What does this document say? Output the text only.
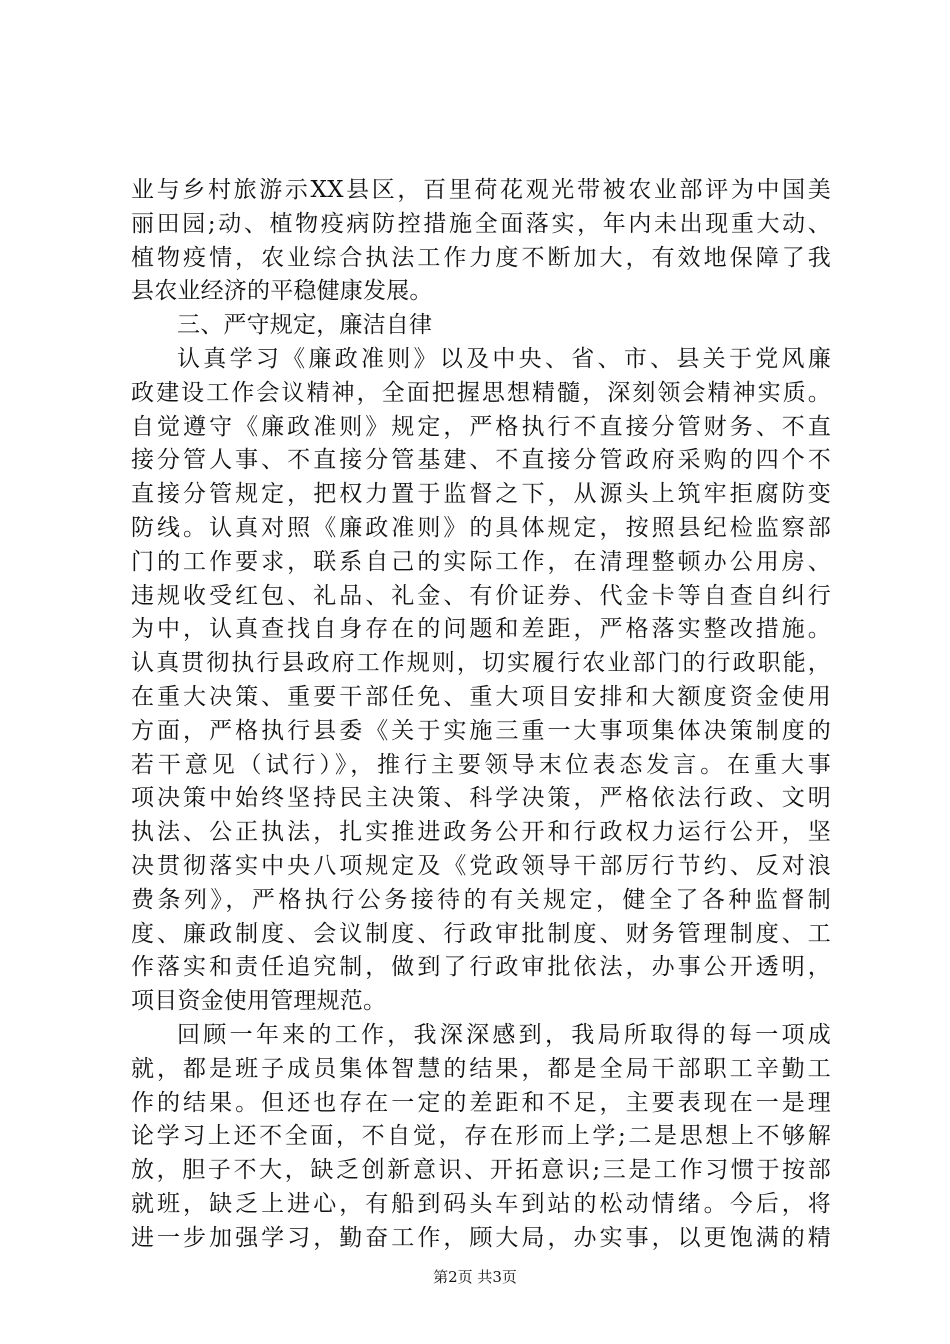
业与乡村旅游示XX县区，百里荷花观光带被农业部评为中国美
丽田园;动、植物疫病防控措施全面落实，年内未出现重大动、
植物疫情，农业综合执法工作力度不断加大，有效地保障了我
县农业经济的平稳健康发展。
三、严守规定，廉洁自律
认真学习《廉政准则》以及中央、省、市、县关于党风廉
政建设工作会议精神，全面把握思想精髓，深刻领会精神实质。
自觉遵守《廉政准则》规定，严格执行不直接分管财务、不直
接分管人事、不直接分管基建、不直接分管政府采购的四个不
直接分管规定，把权力置于监督之下，从源头上筑牢拒腐防变
防线。认真对照《廉政准则》的具体规定，按照县纪检监察部
门的工作要求，联系自己的实际工作，在清理整顿办公用房、
违规收受红包、礼品、礼金、有价证券、代金卡等自查自纠行
为中，认真查找自身存在的问题和差距，严格落实整改措施。
认真贯彻执行县政府工作规则，切实履行农业部门的行政职能，
在重大决策、重要干部任免、重大项目安排和大额度资金使用
方面，严格执行县委《关于实施三重一大事项集体决策制度的
若干意见（试行）》，推行主要领导末位表态发言。在重大事
项决策中始终坚持民主决策、科学决策，严格依法行政、文明
执法、公正执法，扎实推进政务公开和行政权力运行公开，坚
决贯彻落实中央八项规定及《党政领导干部厉行节约、反对浪
费条列》，严格执行公务接待的有关规定，健全了各种监督制
度、廉政制度、会议制度、行政审批制度、财务管理制度、工
作落实和责任追究制，做到了行政审批依法，办事公开透明，
项目资金使用管理规范。
回顾一年来的工作，我深深感到，我局所取得的每一项成
就，都是班子成员集体智慧的结果，都是全局干部职工辛勤工
作的结果。但还也存在一定的差距和不足，主要表现在一是理
论学习上还不全面，不自觉，存在形而上学;二是思想上不够解
放，胆子不大，缺乏创新意识、开拓意识;三是工作习惯于按部
就班，缺乏上进心，有船到码头车到站的松动情绪。今后，将
进一步加强学习，勤奋工作，顾大局，办实事，以更饱满的精
第2页 共3页
